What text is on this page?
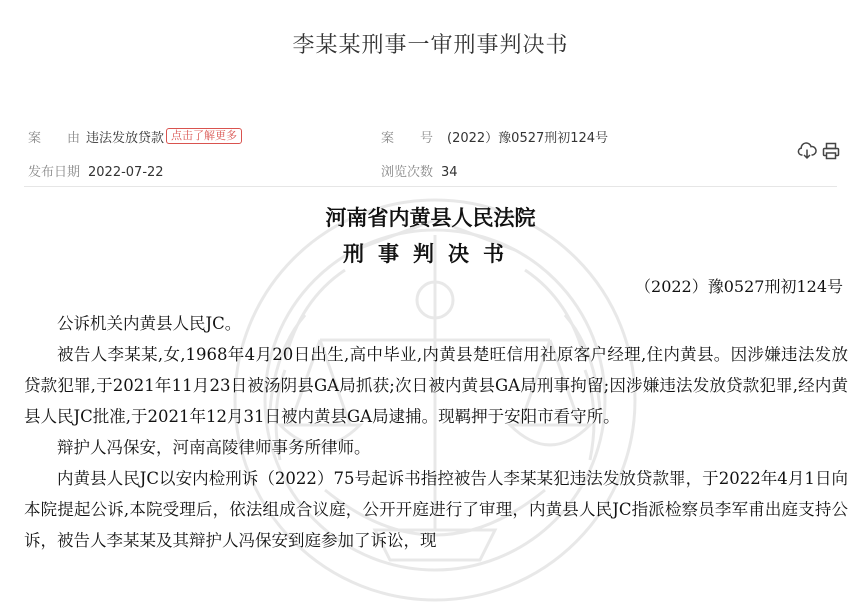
李某某刑事一审刑事判决书
案　　由 违法发放贷款 点击了解更多	案　　号 (2022）豫0527刑初124号
发布日期 2022-07-22	浏览次数 34
河南省内黄县人民法院
刑事判决书
（2022）豫0527刑初124号

公诉机关内黄县人民JC。

被告人李某某,女,1968年4月20日出生,高中毕业,内黄县楚旺信用社原客户经理,住内黄县。因涉嫌违法发放贷款犯罪,于2021年11月23日被汤阴县GA局抓获;次日被内黄县GA局刑事拘留;因涉嫌违法发放贷款犯罪,经内黄县人民JC批准,于2021年12月31日被内黄县GA局逮捕。现羁押于安阳市看守所。

辩护人冯保安，河南高陵律师事务所律师。

内黄县人民JC以安内检刑诉（2022）75号起诉书指控被告人李某某犯违法发放贷款罪，于2022年4月1日向本院提起公诉,本院受理后，依法组成合议庭，公开开庭进行了审理，内黄县人民JC指派检察员李军甫出庭支持公诉，被告人李某某及其辩护人冯保安到庭参加了诉讼，现
